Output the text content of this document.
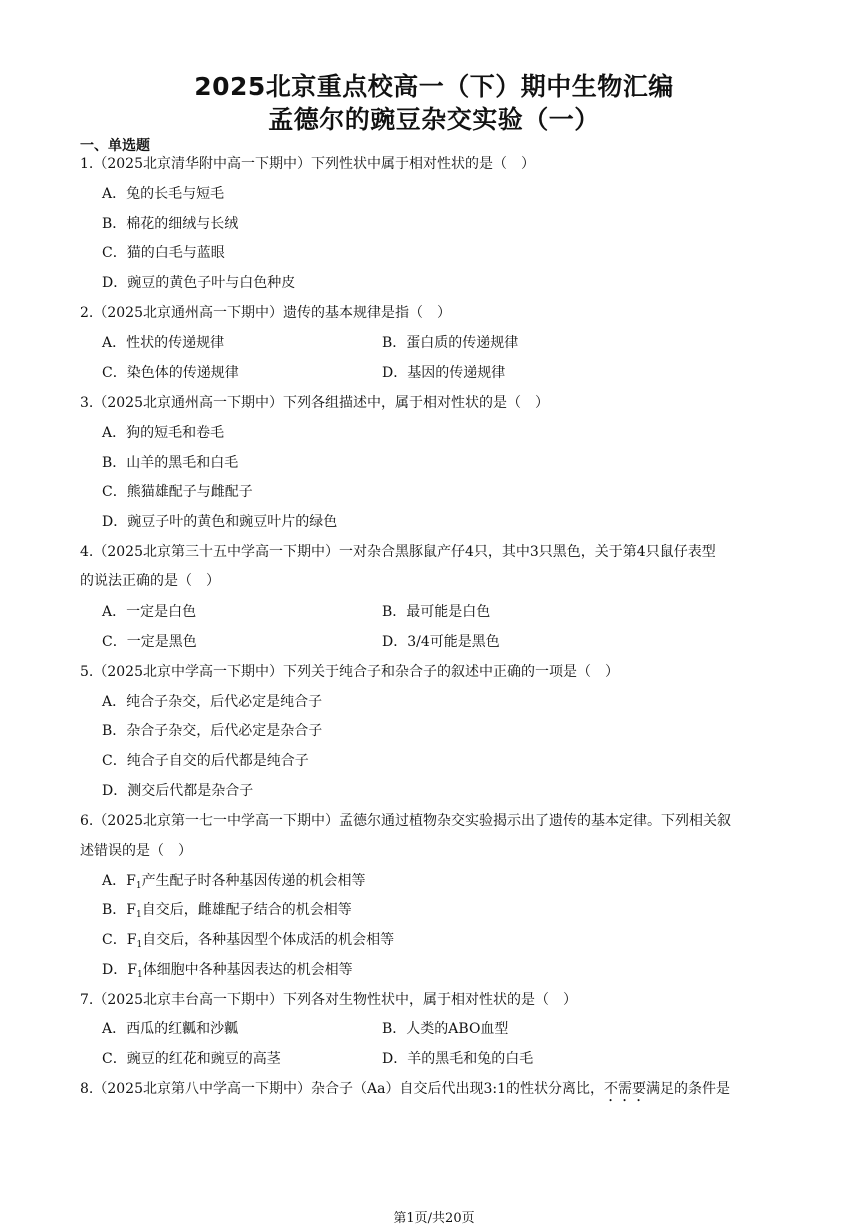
2025北京重点校高一（下）期中生物汇编
孟德尔的豌豆杂交实验（一）
一、单选题
1.（2025北京清华附中高一下期中）下列性状中属于相对性状的是（　）
A．兔的长毛与短毛
B．棉花的细绒与长绒
C．猫的白毛与蓝眼
D．豌豆的黄色子叶与白色种皮
2.（2025北京通州高一下期中）遗传的基本规律是指（　）
A．性状的传递规律	B．蛋白质的传递规律
C．染色体的传递规律	D．基因的传递规律
3.（2025北京通州高一下期中）下列各组描述中，属于相对性状的是（　）
A．狗的短毛和卷毛
B．山羊的黑毛和白毛
C．熊猫雄配子与雌配子
D．豌豆子叶的黄色和豌豆叶片的绿色
4.（2025北京第三十五中学高一下期中）一对杂合黑豚鼠产仔4只，其中3只黑色，关于第4只鼠仔表型
的说法正确的是（　）
A．一定是白色	B．最可能是白色
C．一定是黑色	D．3/4可能是黑色
5.（2025北京中学高一下期中）下列关于纯合子和杂合子的叙述中正确的一项是（　）
A．纯合子杂交，后代必定是纯合子
B．杂合子杂交，后代必定是杂合子
C．纯合子自交的后代都是纯合子
D．测交后代都是杂合子
6.（2025北京第一七一中学高一下期中）孟德尔通过植物杂交实验揭示出了遗传的基本定律。下列相关叙
述错误的是（　）
A．$F_1$产生配子时各种基因传递的机会相等
B．$F_1$自交后，雌雄配子结合的机会相等
C．$F_1$自交后，各种基因型个体成活的机会相等
D．$F_1$体细胞中各种基因表达的机会相等
7.（2025北京丰台高一下期中）下列各对生物性状中，属于相对性状的是（　）
A．西瓜的红瓤和沙瓤	B．人类的ABO血型
C．豌豆的红花和豌豆的高茎	D．羊的黑毛和兔的白毛
8.（2025北京第八中学高一下期中）杂合子（Aa）自交后代出现3:1的性状分离比，不需要满足的条件是
第1页/共20页
